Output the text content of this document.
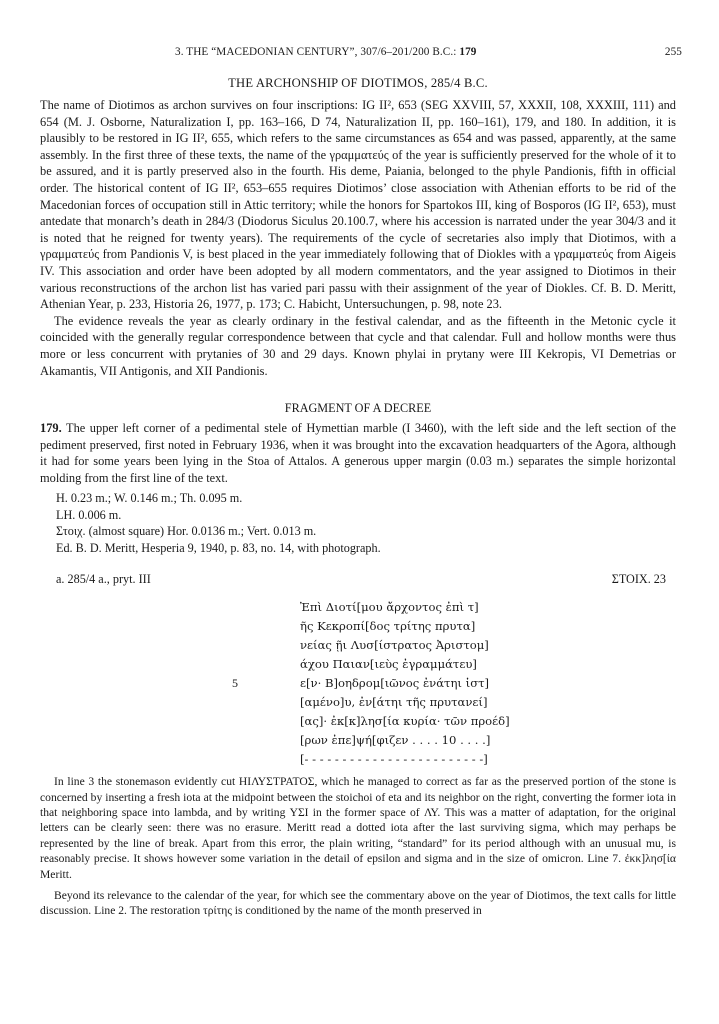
3. THE “MACEDONIAN CENTURY”, 307/6–201/200 B.C.: 179	255
THE ARCHONSHIP OF DIOTIMOS, 285/4 B.C.

The name of Diotimos as archon survives on four inscriptions: IG II², 653 (SEG XXVIII, 57, XXXII, 108, XXXIII, 111) and 654 (M. J. Osborne, Naturalization I, pp. 163–166, D 74, Naturalization II, pp. 160–161), 179, and 180. In addition, it is plausibly to be restored in IG II², 655, which refers to the same circumstances as 654 and was passed, apparently, at the same assembly. In the first three of these texts, the name of the γραμματεύς of the year is sufficiently preserved for the whole of it to be assured, and it is partly preserved also in the fourth. His deme, Paiania, belonged to the phyle Pandionis, fifth in official order. The historical content of IG II², 653–655 requires Diotimos’ close association with Athenian efforts to be rid of the Macedonian forces of occupation still in Attic territory; while the honors for Spartokos III, king of Bosporos (IG II², 653), must antedate that monarch’s death in 284/3 (Diodorus Siculus 20.100.7, where his accession is narrated under the year 304/3 and it is noted that he reigned for twenty years). The requirements of the cycle of secretaries also imply that Diotimos, with a γραμματεύς from Pandionis V, is best placed in the year immediately following that of Diokles with a γραμματεύς from Aigeis IV. This association and order have been adopted by all modern commentators, and the year assigned to Diotimos in their various reconstructions of the archon list has varied pari passu with their assignment of the year of Diokles. Cf. B. D. Meritt, Athenian Year, p. 233, Historia 26, 1977, p. 173; C. Habicht, Untersuchungen, p. 98, note 23.

The evidence reveals the year as clearly ordinary in the festival calendar, and as the fifteenth in the Metonic cycle it coincided with the generally regular correspondence between that cycle and that calendar. Full and hollow months were thus more or less concurrent with prytanies of 30 and 29 days. Known phylai in prytany were III Kekropis, VI Demetrias or Akamantis, VII Antigonis, and XII Pandionis.

FRAGMENT OF A DECREE

179. The upper left corner of a pedimental stele of Hymettian marble (I 3460), with the left side and the left section of the pediment preserved, first noted in February 1936, when it was brought into the excavation headquarters of the Agora, although it had for some years been lying in the Stoa of Attalos. A generous upper margin (0.03 m.) separates the simple horizontal molding from the first line of the text.

H. 0.23 m.; W. 0.146 m.; Th. 0.095 m.
LH. 0.006 m.
Στοιχ. (almost square) Hor. 0.0136 m.; Vert. 0.013 m.
Ed. B. D. Meritt, Hesperia 9, 1940, p. 83, no. 14, with photograph.
a. 285/4 a., pryt. III	ΣΤΟΙΧ. 23
Ἐπὶ Διοτί[μου ἄρχοντος ἐπὶ τ]
ῆς Κεκροπί[δος τρίτης πρυτα]
νείας ῇι Λυσ[ίστρατος Ἀριστομ]
άχου Παιαν[ιεὺς ἐγραμμάτευ]
5	ε[ν· Β]οηδρομ[ιῶνος ἐνάτηι ἱστ]
[αμένο]υ, ἐν[άτηι τῆς πρυτανεί]
[ας]· ἐκ[κ]λησ[ία κυρία· τῶν προέδ]
[ρων ἐπε]ψή[φιζεν . . . . 10 . . . .]
[- - - - - - - - - - - - - - - - - - - - - - - -]

In line 3 the stonemason evidently cut ΗΙΛΥΣΤΡΑΤΟΣ, which he managed to correct as far as the preserved portion of the stone is concerned by inserting a fresh iota at the midpoint between the stoichoi of eta and its neighbor on the right, converting the former iota in that neighboring space into lambda, and by writing ΥΣΙ in the former space of ΛΥ. This was a matter of adaptation, for the original letters can be clearly seen: there was no erasure. Meritt read a dotted iota after the last surviving sigma, which may perhaps be represented by the line of break. Apart from this error, the plain writing, “standard” for its period although with an unusual mu, is reasonably precise. It shows however some variation in the detail of epsilon and sigma and in the size of omicron. Line 7. ἐκκ]λησ[ία Meritt.

Beyond its relevance to the calendar of the year, for which see the commentary above on the year of Diotimos, the text calls for little discussion. Line 2. The restoration τρίτης is conditioned by the name of the month preserved in
